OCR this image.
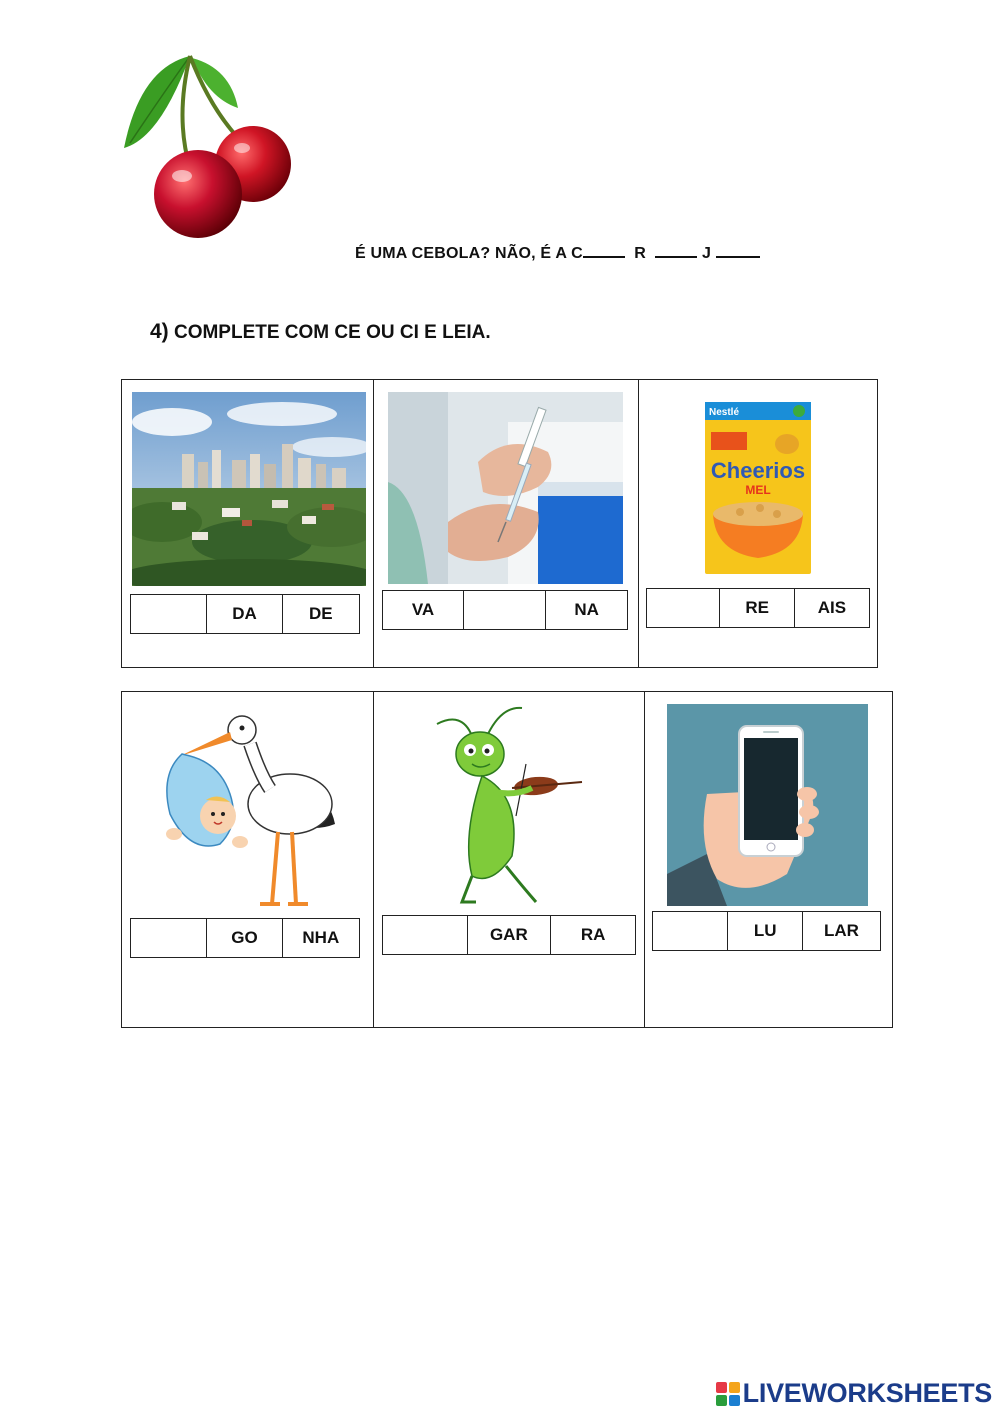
É UMA CEBOLA? NÃO, É A C	R	J
4) COMPLETE COM CE OU CI E LEIA.
DA	DE	VA	NA
Nestlé
Cheerios
MEL
RE	AIS
GO	NHA	GAR	RA	LU	LAR
LIVEWORKSHEETS
